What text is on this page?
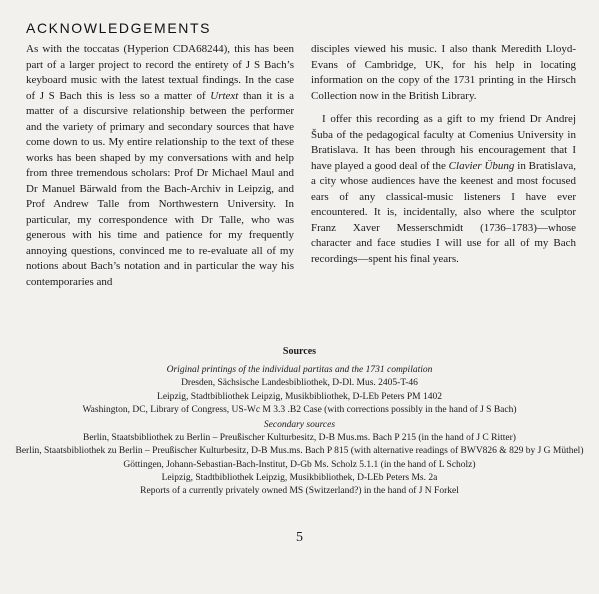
ACKNOWLEDGEMENTS

As with the toccatas (Hyperion CDA68244), this has been part of a larger project to record the entirety of J S Bach’s keyboard music with the latest textual findings. In the case of J S Bach this is less so a matter of Urtext than it is a matter of a discursive relationship between the performer and the variety of primary and secondary sources that have come down to us. My entire relationship to the text of these works has been shaped by my conversations with and help from three tremendous scholars: Prof Dr Michael Maul and Dr Manuel Bärwald from the Bach-Archiv in Leipzig, and Prof Andrew Talle from Northwestern University. In particular, my correspondence with Dr Talle, who was generous with his time and patience for my frequently annoying questions, convinced me to re-evaluate all of my notions about Bach’s notation and in particular the way his contemporaries and

disciples viewed his music. I also thank Meredith Lloyd-Evans of Cambridge, UK, for his help in locating information on the copy of the 1731 printing in the Hirsch Collection now in the British Library.

I offer this recording as a gift to my friend Dr Andrej Šuba of the pedagogical faculty at Comenius University in Bratislava. It has been through his encouragement that I have played a good deal of the Clavier Übung in Bratislava, a city whose audiences have the keenest and most focused ears of any classical-music listeners I have ever encountered. It is, incidentally, also where the sculptor Franz Xaver Messerschmidt (1736–1783)—whose character and face studies I will use for all of my Bach recordings—spent his final years.

Sources
Original printings of the individual partitas and the 1731 compilation
Dresden, Sächsische Landesbibliothek, D-Dl. Mus. 2405-T-46
Leipzig, Stadtbibliothek Leipzig, Musikbibliothek, D-LEb Peters PM 1402
Washington, DC, Library of Congress, US-Wc M 3.3 .B2 Case (with corrections possibly in the hand of J S Bach)
Secondary sources
Berlin, Staatsbibliothek zu Berlin – Preußischer Kulturbesitz, D-B Mus.ms. Bach P 215 (in the hand of J C Ritter)
Berlin, Staatsbibliothek zu Berlin – Preußischer Kulturbesitz, D-B Mus.ms. Bach P 815 (with alternative readings of BWV826 & 829 by J G Müthel)
Göttingen, Johann-Sebastian-Bach-Institut, D-Gb Ms. Scholz 5.1.1 (in the hand of L Scholz)
Leipzig, Stadtbibliothek Leipzig, Musikbibliothek, D-LEb Peters Ms. 2a
Reports of a currently privately owned MS (Switzerland?) in the hand of J N Forkel
5
